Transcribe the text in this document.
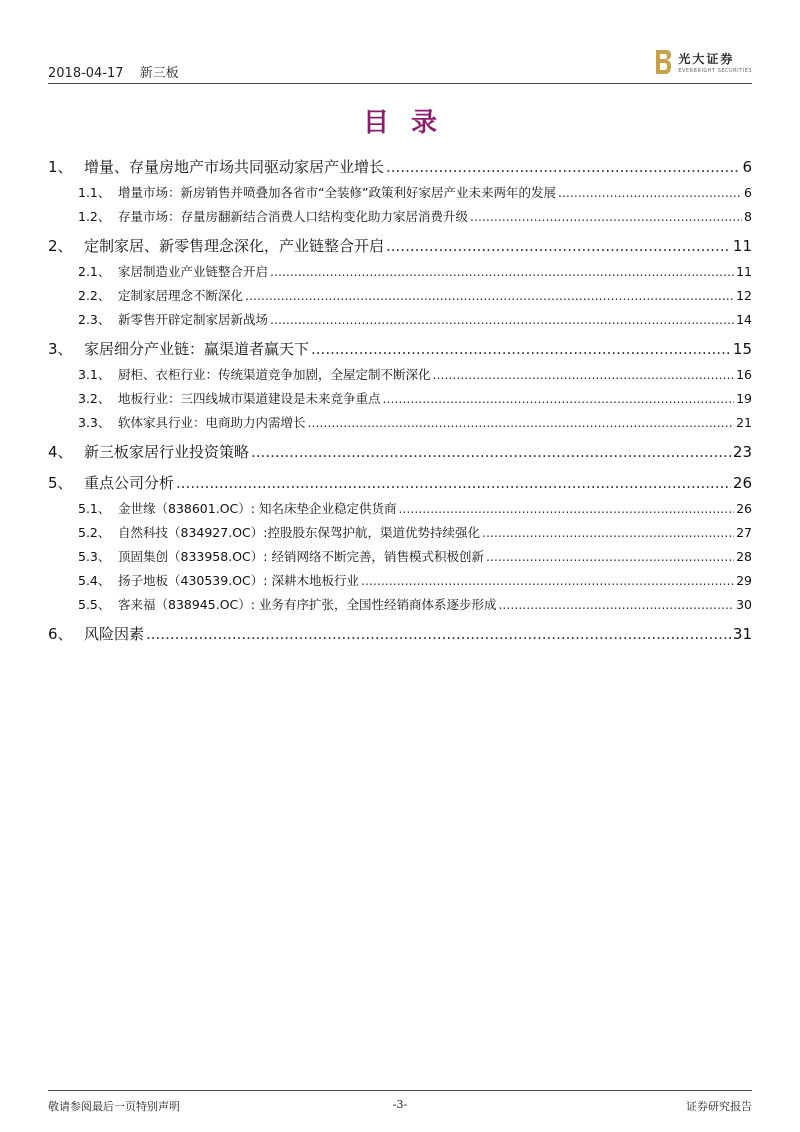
2018-04-17 新三板
光大证券
EVERBRIGHT SECURITIES
目录
1、 增量、存量房地产市场共同驱动家居产业增长 .....	6
1.1、 增量市场：新房销售并喷叠加各省市“全装修”政策利好家居产业未来两年的发展 .....	6
1.2、 存量市场：存量房翻新结合消费人口结构变化助力家居消费升级 .....	8
2、 定制家居、新零售理念深化，产业链整合开启 .....	11
2.1、 家居制造业产业链整合开启 .....	11
2.2、 定制家居理念不断深化 .....	12
2.3、 新零售开辟定制家居新战场 .....	14
3、 家居细分产业链：赢渠道者赢天下 .....	15
3.1、 厨柜、衣柜行业：传统渠道竞争加剧，全屋定制不断深化 .....	16
3.2、 地板行业：三四线城市渠道建设是未来竞争重点 .....	19
3.3、 软体家具行业：电商助力内需增长 .....	21
4、 新三板家居行业投资策略 .....	23
5、 重点公司分析 .....	26
5.1、 金世缘（838601.OC）: 知名床垫企业稳定供货商 .....	26
5.2、 自然科技（834927.OC）:控股股东保驾护航，渠道优势持续强化 .....	27
5.3、 顶固集创（833958.OC）: 经销网络不断完善，销售模式积极创新 .....	28
5.4、 扬子地板（430539.OC）: 深耕木地板行业 .....	29
5.5、 客来福（838945.OC）: 业务有序扩张，全国性经销商体系逐步形成 .....	30
6、 风险因素 .....	31
敬请参阅最后一页特别声明	-3-	证券研究报告
